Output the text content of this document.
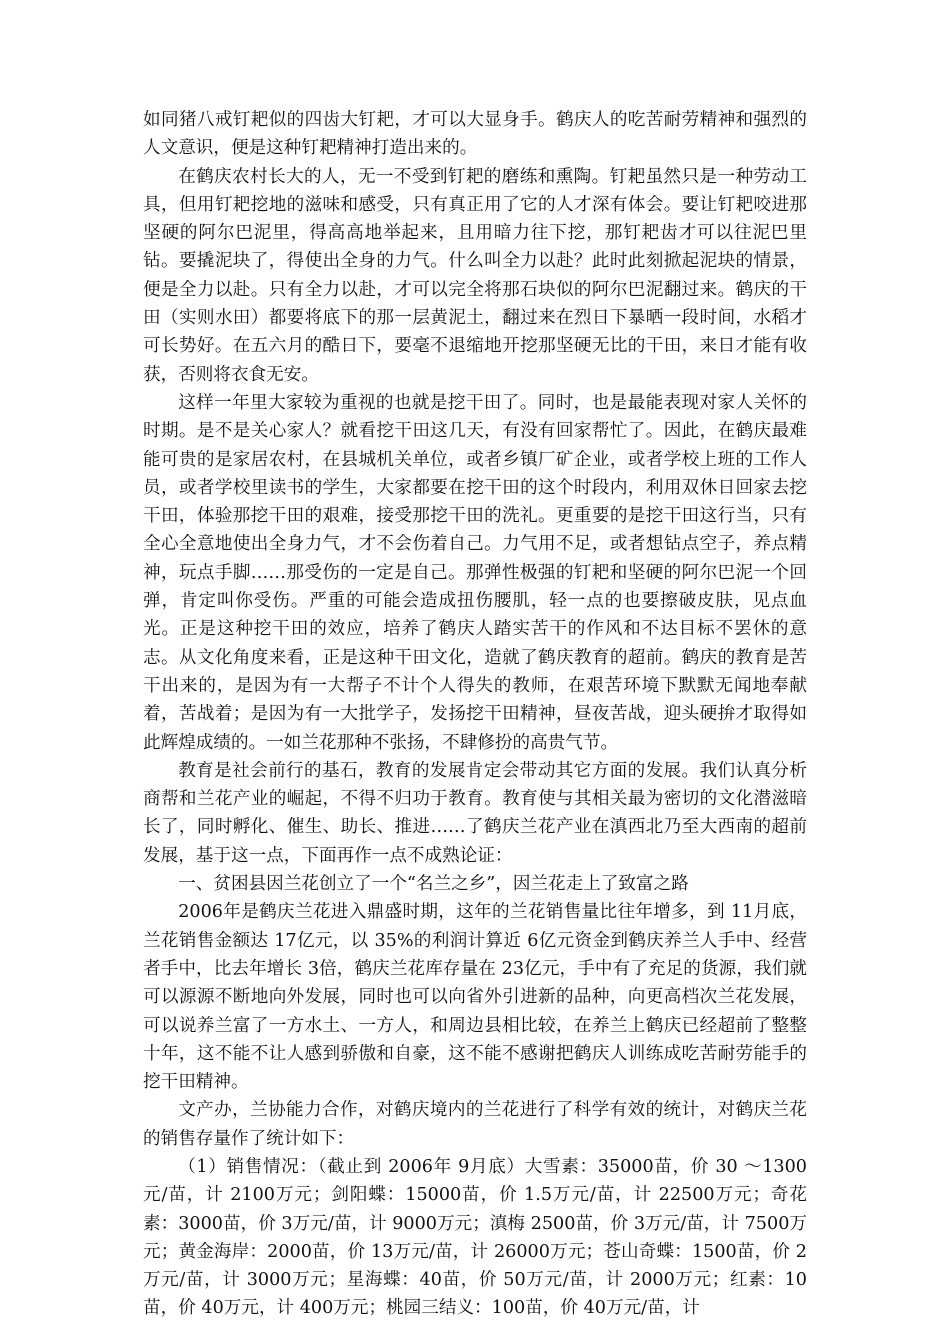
如同猪八戒钉耙似的四齿大钉耙，才可以大显身手。鹤庆人的吃苦耐劳精神和强烈的人文意识，便是这种钉耙精神打造出来的。

在鹤庆农村长大的人，无一不受到钉耙的磨练和熏陶。钉耙虽然只是一种劳动工具，但用钉耙挖地的滋味和感受，只有真正用了它的人才深有体会。要让钉耙咬进那坚硬的阿尔巴泥里，得高高地举起来，且用暗力往下挖，那钉耙齿才可以往泥巴里钻。要撬泥块了，得使出全身的力气。什么叫全力以赴？此时此刻掀起泥块的情景，便是全力以赴。只有全力以赴，才可以完全将那石块似的阿尔巴泥翻过来。鹤庆的干田（实则水田）都要将底下的那一层黄泥土，翻过来在烈日下暴晒一段时间，水稻才可长势好。在五六月的酷日下，要毫不退缩地开挖那坚硬无比的干田，来日才能有收获，否则将衣食无安。

这样一年里大家较为重视的也就是挖干田了。同时，也是最能表现对家人关怀的时期。是不是关心家人？就看挖干田这几天，有没有回家帮忙了。因此，在鹤庆最难能可贵的是家居农村，在县城机关单位，或者乡镇厂矿企业，或者学校上班的工作人员，或者学校里读书的学生，大家都要在挖干田的这个时段内，利用双休日回家去挖干田，体验那挖干田的艰难，接受那挖干田的洗礼。更重要的是挖干田这行当，只有全心全意地使出全身力气，才不会伤着自己。力气用不足，或者想钻点空子，养点精神，玩点手脚……那受伤的一定是自己。那弹性极强的钉耙和坚硬的阿尔巴泥一个回弹，肯定叫你受伤。严重的可能会造成扭伤腰肌，轻一点的也要擦破皮肤，见点血光。正是这种挖干田的效应，培养了鹤庆人踏实苦干的作风和不达目标不罢休的意志。从文化角度来看，正是这种干田文化，造就了鹤庆教育的超前。鹤庆的教育是苦干出来的，是因为有一大帮子不计个人得失的教师，在艰苦环境下默默无闻地奉献着，苦战着；是因为有一大批学子，发扬挖干田精神，昼夜苦战，迎头硬拚才取得如此辉煌成绩的。一如兰花那种不张扬，不肆修扮的高贵气节。

教育是社会前行的基石，教育的发展肯定会带动其它方面的发展。我们认真分析商帮和兰花产业的崛起，不得不归功于教育。教育使与其相关最为密切的文化潜滋暗长了，同时孵化、催生、助长、推进……了鹤庆兰花产业在滇西北乃至大西南的超前发展，基于这一点，下面再作一点不成熟论证：

一、贫困县因兰花创立了一个“名兰之乡”，因兰花走上了致富之路

2006年是鹤庆兰花进入鼎盛时期，这年的兰花销售量比往年增多，到 11月底，兰花销售金额达 17亿元，以 35%的利润计算近 6亿元资金到鹤庆养兰人手中、经营者手中，比去年增长 3倍，鹤庆兰花库存量在 23亿元，手中有了充足的货源，我们就可以源源不断地向外发展，同时也可以向省外引进新的品种，向更高档次兰花发展，可以说养兰富了一方水土、一方人，和周边县相比较，在养兰上鹤庆已经超前了整整十年，这不能不让人感到骄傲和自豪，这不能不感谢把鹤庆人训练成吃苦耐劳能手的挖干田精神。

文产办，兰协能力合作，对鹤庆境内的兰花进行了科学有效的统计，对鹤庆兰花的销售存量作了统计如下：

（1）销售情况：（截止到 2006年 9月底）大雪素：35000苗，价 30 ～1300元/苗，计 2100万元；剑阳蝶：15000苗，价 1.5万元/苗，计 22500万元；奇花素：3000苗，价 3万元/苗，计 9000万元；滇梅 2500苗，价 3万元/苗，计 7500万元；黄金海岸：2000苗，价 13万元/苗，计 26000万元；苍山奇蝶：1500苗，价 2万元/苗，计 3000万元；星海蝶：40苗，价 50万元/苗，计 2000万元；红素：10苗，价 40万元，计 400万元；桃园三结义：100苗，价 40万元/苗，计
